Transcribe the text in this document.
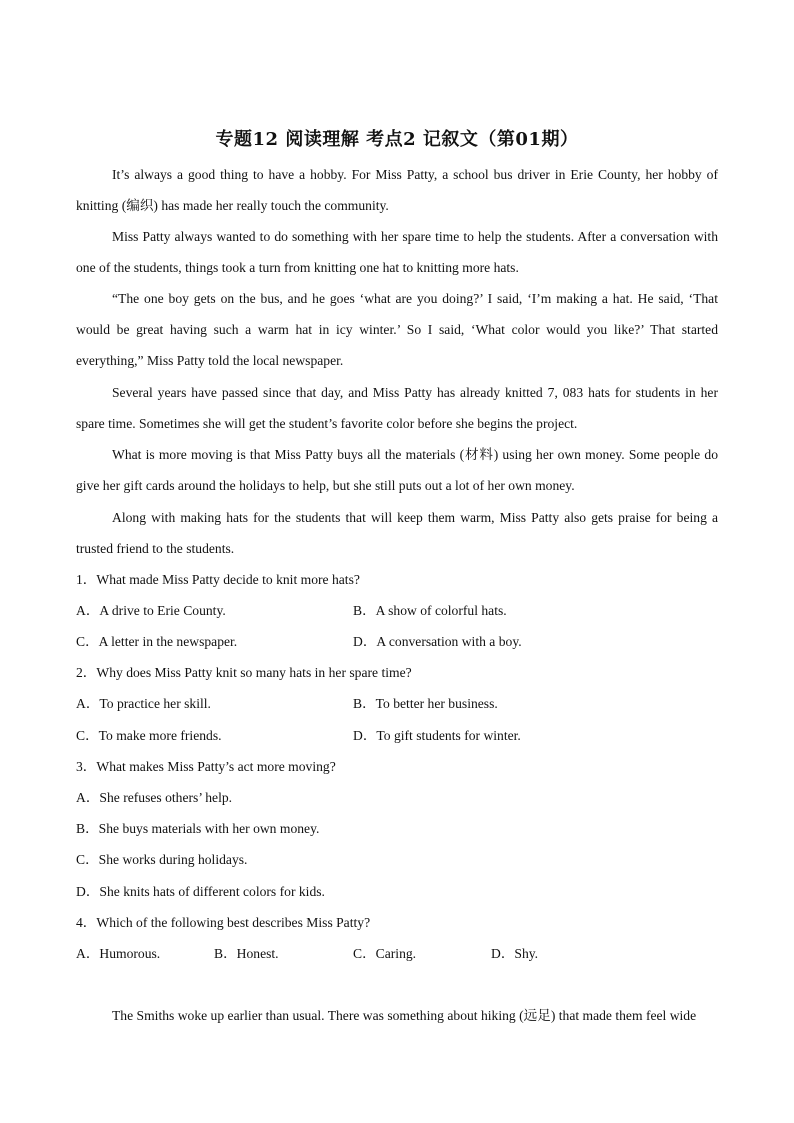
专题12 阅读理解 考点2 记叙文（第01期）

It’s always a good thing to have a hobby. For Miss Patty, a school bus driver in Erie County, her hobby of knitting (编织) has made her really touch the community.

Miss Patty always wanted to do something with her spare time to help the students. After a conversation with one of the students, things took a turn from knitting one hat to knitting more hats.

“The one boy gets on the bus, and he goes ‘what are you doing?’ I said, ‘I’m making a hat. He said, ‘That would be great having such a warm hat in icy winter.’ So I said, ‘What color would you like?’ That started everything,” Miss Patty told the local newspaper.

Several years have passed since that day, and Miss Patty has already knitted 7, 083 hats for students in her spare time. Sometimes she will get the student’s favorite color before she begins the project.

What is more moving is that Miss Patty buys all the materials (材料) using her own money. Some people do give her gift cards around the holidays to help, but she still puts out a lot of her own money.

Along with making hats for the students that will keep them warm, Miss Patty also gets praise for being a trusted friend to the students.

1．What made Miss Patty decide to knit more hats?
A．A drive to Erie County.	B．A show of colorful hats.
C．A letter in the newspaper.	D．A conversation with a boy.
2．Why does Miss Patty knit so many hats in her spare time?
A．To practice her skill.	B．To better her business.
C．To make more friends.	D．To gift students for winter.
3．What makes Miss Patty’s act more moving?
A．She refuses others’ help.
B．She buys materials with her own money.
C．She works during holidays.
D．She knits hats of different colors for kids.
4．Which of the following best describes Miss Patty?
A．Humorous.	B．Honest.	C．Caring.	D．Shy.
The Smiths woke up earlier than usual. There was something about hiking (远足) that made them feel wide
